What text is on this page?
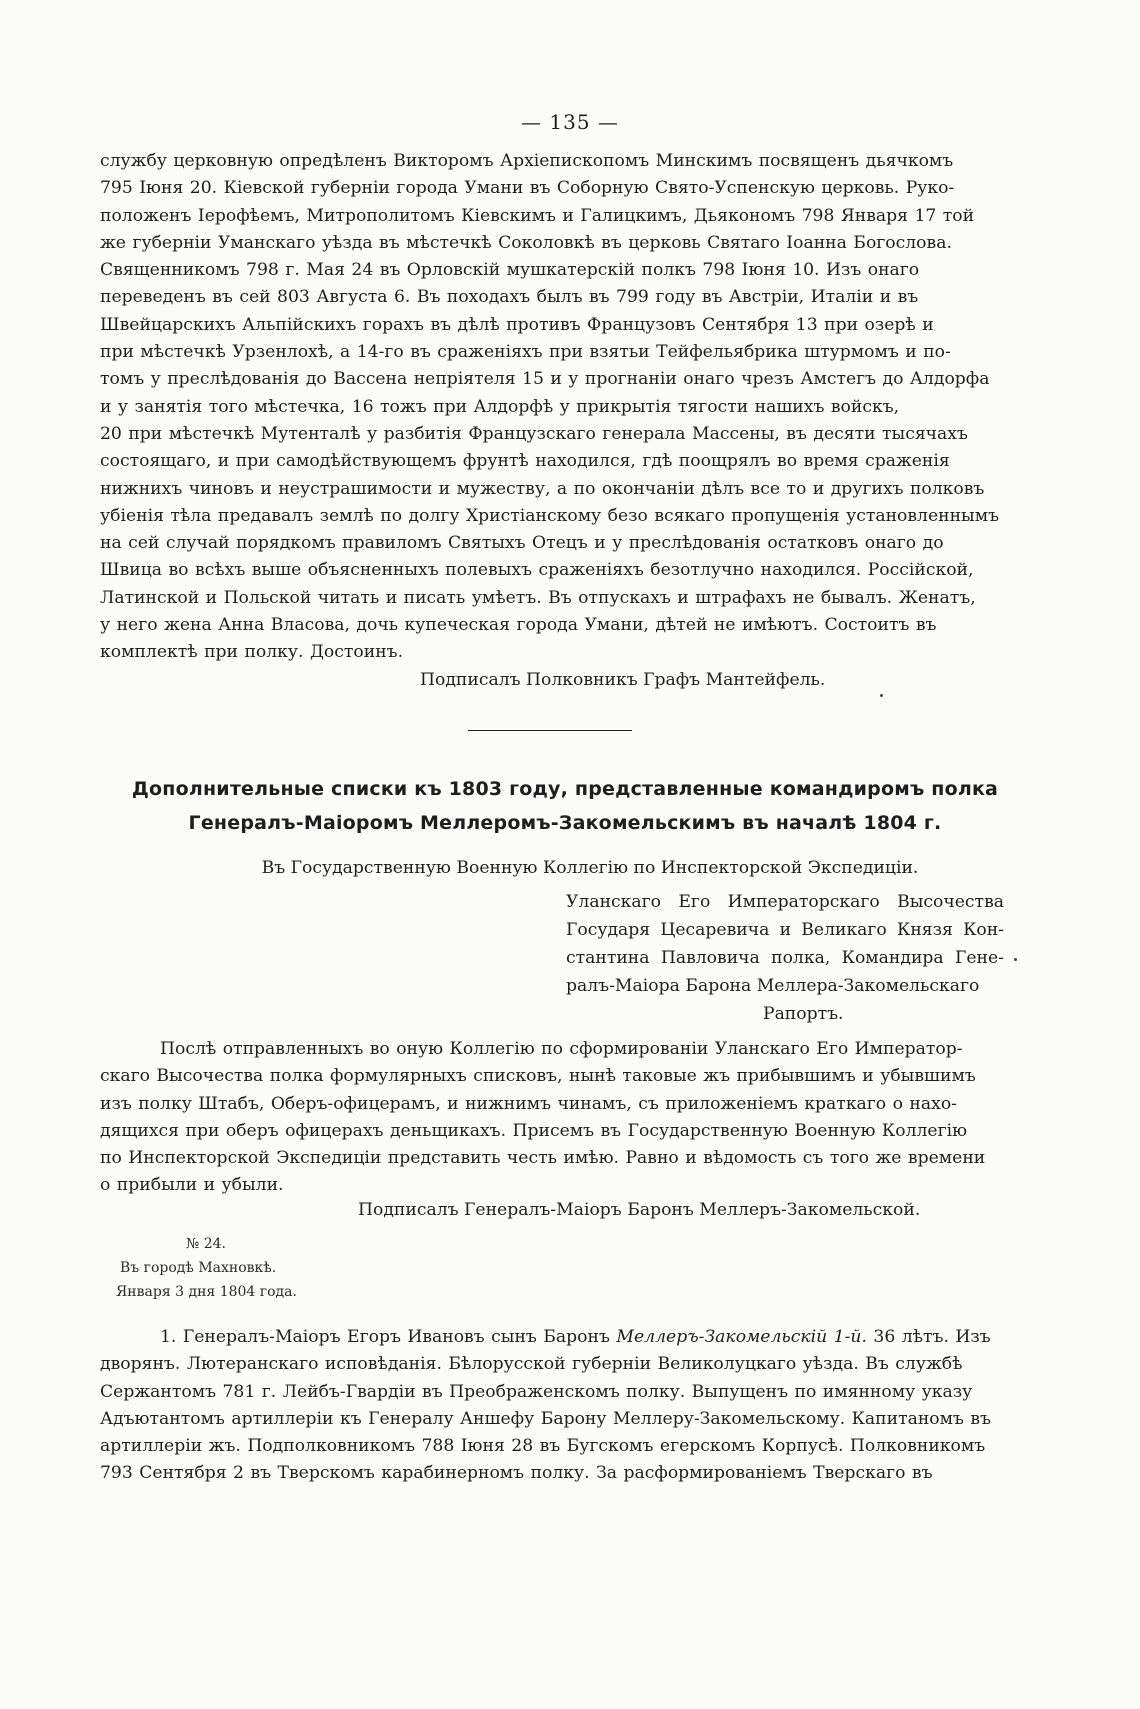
— 135 —

службу церковную опредѣленъ Викторомъ Архіепископомъ Минскимъ посвященъ дьячкомъ

795 Іюня 20. Кіевской губерніи города Умани въ Соборную Свято-Успенскую церковь. Руко-

положенъ Іерофѣемъ, Митрополитомъ Кіевскимъ и Галицкимъ, Дьякономъ 798 Января 17 той

же губерніи Уманскаго уѣзда въ мѣстечкѣ Соколовкѣ въ церковь Святаго Іоанна Богослова.

Священникомъ 798 г. Мая 24 въ Орловскій мушкатерскій полкъ 798 Іюня 10. Изъ онаго

переведенъ въ сей 803 Августа 6. Въ походахъ былъ въ 799 году въ Австріи, Италіи и въ

Швейцарскихъ Альпійскихъ горахъ въ дѣлѣ противъ Французовъ Сентября 13 при озерѣ и

при мѣстечкѣ Урзенлохѣ, а 14-го въ сраженіяхъ при взятьи Тейфельябрика штурмомъ и по-

томъ у преслѣдованія до Вассена непріятеля 15 и у прогнаніи онаго чрезъ Амстегъ до Алдорфа

и у занятія того мѣстечка, 16 тожъ при Алдорфѣ у прикрытія тягости нашихъ войскъ,

20 при мѣстечкѣ Мутенталѣ у разбитія Французскаго генерала Массены, въ десяти тысячахъ

состоящаго, и при самодѣйствующемъ фрунтѣ находился, гдѣ поощрялъ во время сраженія

нижнихъ чиновъ и неустрашимости и мужеству, а по окончаніи дѣлъ все то и другихъ полковъ

убіенія тѣла предавалъ землѣ по долгу Христіанскому безо всякаго пропущенія установленнымъ

на сей случай порядкомъ правиломъ Святыхъ Отецъ и у преслѣдованія остатковъ онаго до

Швица во всѣхъ выше объясненныхъ полевыхъ сраженіяхъ безотлучно находился. Россійской,

Латинской и Польской читать и писать умѣетъ. Въ отпускахъ и штрафахъ не бывалъ. Женатъ,

у него жена Анна Власова, дочь купеческая города Умани, дѣтей не имѣютъ. Состоитъ въ

комплектѣ при полку. Достоинъ.

Подписалъ Полковникъ Графъ Мантейфель.
Дополнительные списки къ 1803 году, представленные командиромъ полка
Генералъ-Маіоромъ Меллеромъ-Закомельскимъ въ началѣ 1804 г.
Въ Государственную Военную Коллегію по Инспекторской Экспедиціи.
Уланскаго Его Императорскаго Высочества
Государя Цесаревича и Великаго Князя Кон-
стантина Павловича полка, Командира Гене-
ралъ-Маіора Барона Меллера-Закомельскаго
Рапортъ.

Послѣ отправленныхъ во оную Коллегію по сформированіи Уланскаго Его Император-

скаго Высочества полка формулярныхъ списковъ, нынѣ таковые жъ прибывшимъ и убывшимъ

изъ полку Штабъ, Оберъ-офицерамъ, и нижнимъ чинамъ, съ приложеніемъ краткаго о нахо-

дящихся при оберъ офицерахъ деньщикахъ. Присемъ въ Государственную Военную Коллегію

по Инспекторской Экспедиціи представить честь имѣю. Равно и вѣдомость съ того же времени

о прибыли и убыли.

Подписалъ Генералъ-Маіоръ Баронъ Меллеръ-Закомельской.
№ 24.
Въ городѣ Махновкѣ.
Января 3 дня 1804 года.

1. Генералъ-Маіоръ Егоръ Ивановъ сынъ Баронъ Меллеръ-Закомельскій 1-й. 36 лѣтъ. Изъ

дворянъ. Лютеранскаго исповѣданія. Бѣлорусской губерніи Великолуцкаго уѣзда. Въ службѣ

Сержантомъ 781 г. Лейбъ-Гвардіи въ Преображенскомъ полку. Выпущенъ по имянному указу

Адъютантомъ артиллеріи къ Генералу Аншефу Барону Меллеру-Закомельскому. Капитаномъ въ

артиллеріи жъ. Подполковникомъ 788 Іюня 28 въ Бугскомъ егерскомъ Корпусѣ. Полковникомъ

793 Сентября 2 въ Тверскомъ карабинерномъ полку. За расформированіемъ Тверскаго въ
